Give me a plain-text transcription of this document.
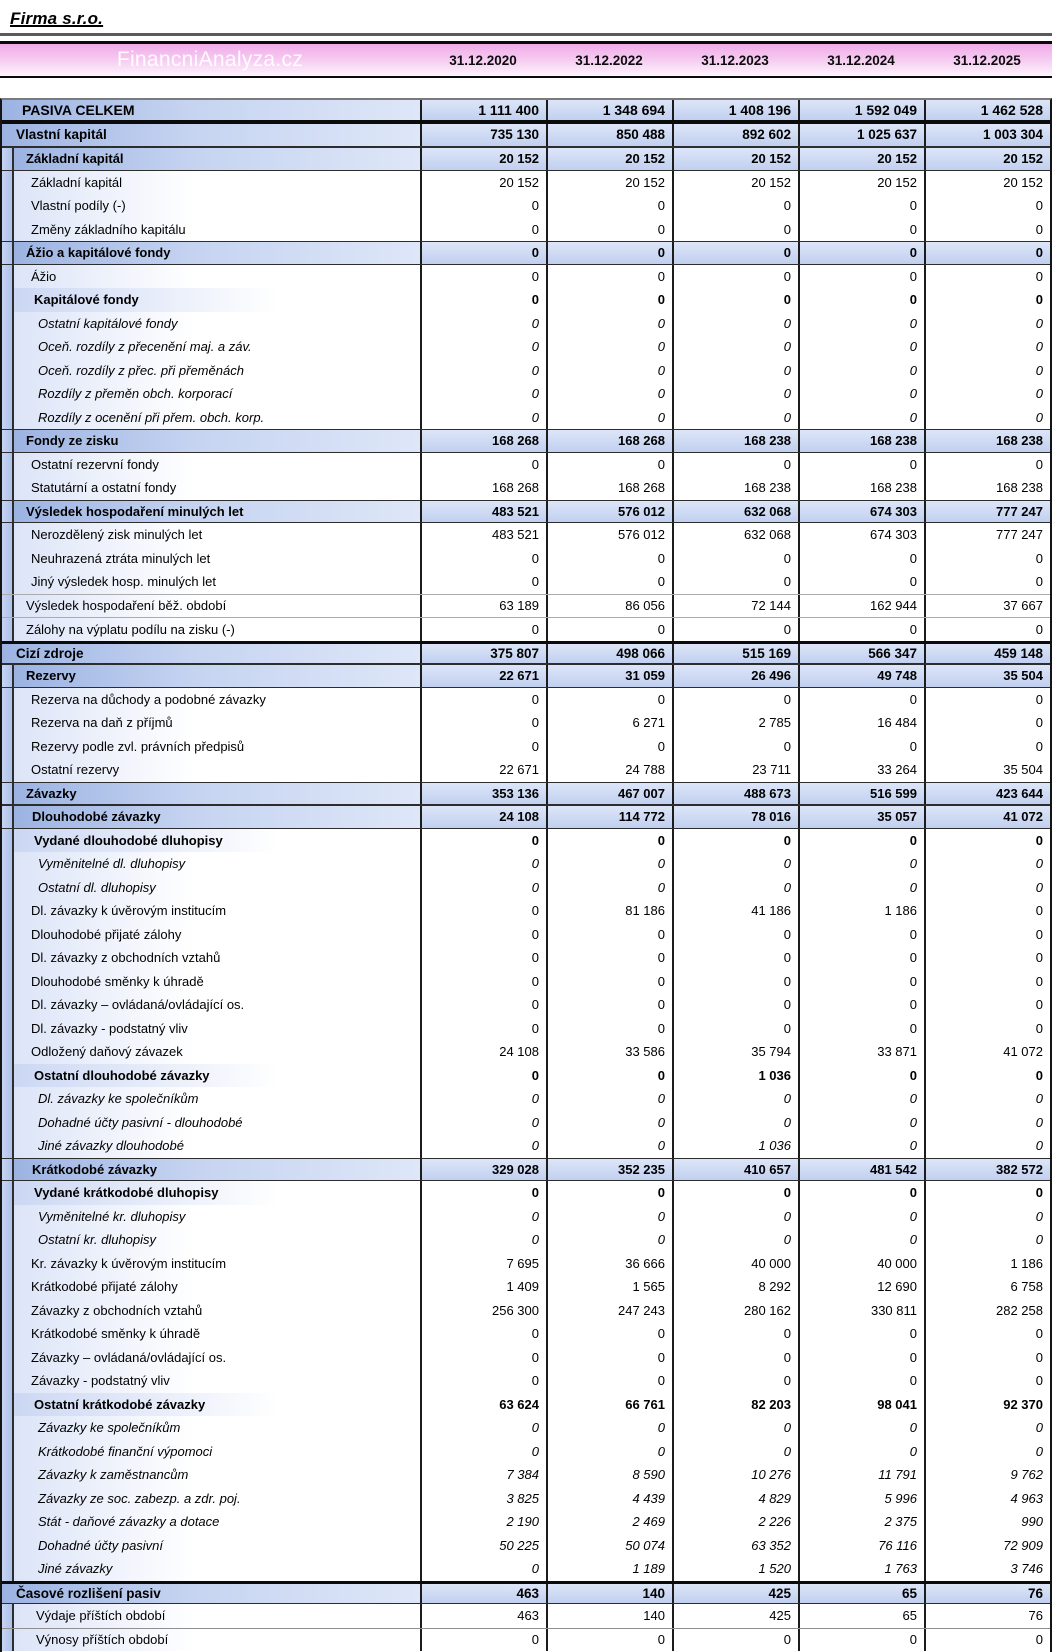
Firma s.r.o.
FinancniAnalyza.cz	31.12.2020	31.12.2022	31.12.2023	31.12.2024	31.12.2025
PASIVA CELKEM	1 111 400	1 348 694	1 408 196	1 592 049	1 462 528
Vlastní kapitál	735 130	850 488	892 602	1 025 637	1 003 304
Základní kapitál	20 152	20 152	20 152	20 152	20 152
Základní kapitál	20 152	20 152	20 152	20 152	20 152
Vlastní podíly (-)	0	0	0	0	0
Změny základního kapitálu	0	0	0	0	0
Ážio a kapitálové fondy	0	0	0	0	0
Ážio	0	0	0	0	0
Kapitálové fondy	0	0	0	0	0
Ostatní kapitálové fondy	0	0	0	0	0
Oceň. rozdíly z přecenění maj. a záv.	0	0	0	0	0
Oceň. rozdíly z přec. při přeměnách	0	0	0	0	0
Rozdíly z přeměn obch. korporací	0	0	0	0	0
Rozdíly z ocenění při přem. obch. korp.	0	0	0	0	0
Fondy ze zisku	168 268	168 268	168 238	168 238	168 238
Ostatní rezervní fondy	0	0	0	0	0
Statutární a ostatní fondy	168 268	168 268	168 238	168 238	168 238
Výsledek hospodaření minulých let	483 521	576 012	632 068	674 303	777 247
Nerozdělený zisk minulých let	483 521	576 012	632 068	674 303	777 247
Neuhrazená ztráta minulých let	0	0	0	0	0
Jiný výsledek hosp. minulých let	0	0	0	0	0
Výsledek hospodaření běž. období	63 189	86 056	72 144	162 944	37 667
Zálohy na výplatu podílu na zisku (-)	0	0	0	0	0
Cizí zdroje	375 807	498 066	515 169	566 347	459 148
Rezervy	22 671	31 059	26 496	49 748	35 504
Rezerva na důchody a podobné závazky	0	0	0	0	0
Rezerva na daň z příjmů	0	6 271	2 785	16 484	0
Rezervy podle zvl. právních předpisů	0	0	0	0	0
Ostatní rezervy	22 671	24 788	23 711	33 264	35 504
Závazky	353 136	467 007	488 673	516 599	423 644
Dlouhodobé závazky	24 108	114 772	78 016	35 057	41 072
Vydané dlouhodobé dluhopisy	0	0	0	0	0
Vyměnitelné dl. dluhopisy	0	0	0	0	0
Ostatní dl. dluhopisy	0	0	0	0	0
Dl. závazky k úvěrovým institucím	0	81 186	41 186	1 186	0
Dlouhodobé přijaté zálohy	0	0	0	0	0
Dl. závazky z obchodních vztahů	0	0	0	0	0
Dlouhodobé směnky k úhradě	0	0	0	0	0
Dl. závazky – ovládaná/ovládající os.	0	0	0	0	0
Dl. závazky - podstatný vliv	0	0	0	0	0
Odložený daňový závazek	24 108	33 586	35 794	33 871	41 072
Ostatní dlouhodobé závazky	0	0	1 036	0	0
Dl. závazky ke společníkům	0	0	0	0	0
Dohadné účty pasivní - dlouhodobé	0	0	0	0	0
Jiné závazky dlouhodobé	0	0	1 036	0	0
Krátkodobé závazky	329 028	352 235	410 657	481 542	382 572
Vydané krátkodobé dluhopisy	0	0	0	0	0
Vyměnitelné kr. dluhopisy	0	0	0	0	0
Ostatní kr. dluhopisy	0	0	0	0	0
Kr. závazky k úvěrovým institucím	7 695	36 666	40 000	40 000	1 186
Krátkodobé přijaté zálohy	1 409	1 565	8 292	12 690	6 758
Závazky z obchodních vztahů	256 300	247 243	280 162	330 811	282 258
Krátkodobé směnky k úhradě	0	0	0	0	0
Závazky – ovládaná/ovládající os.	0	0	0	0	0
Závazky - podstatný vliv	0	0	0	0	0
Ostatní krátkodobé závazky	63 624	66 761	82 203	98 041	92 370
Závazky ke společníkům	0	0	0	0	0
Krátkodobé finanční výpomoci	0	0	0	0	0
Závazky k zaměstnancům	7 384	8 590	10 276	11 791	9 762
Závazky ze soc. zabezp. a zdr. poj.	3 825	4 439	4 829	5 996	4 963
Stát - daňové závazky a dotace	2 190	2 469	2 226	2 375	990
Dohadné účty pasivní	50 225	50 074	63 352	76 116	72 909
Jiné závazky	0	1 189	1 520	1 763	3 746
Časové rozlišení pasiv	463	140	425	65	76
Výdaje příštích období	463	140	425	65	76
Výnosy příštích období	0	0	0	0	0
